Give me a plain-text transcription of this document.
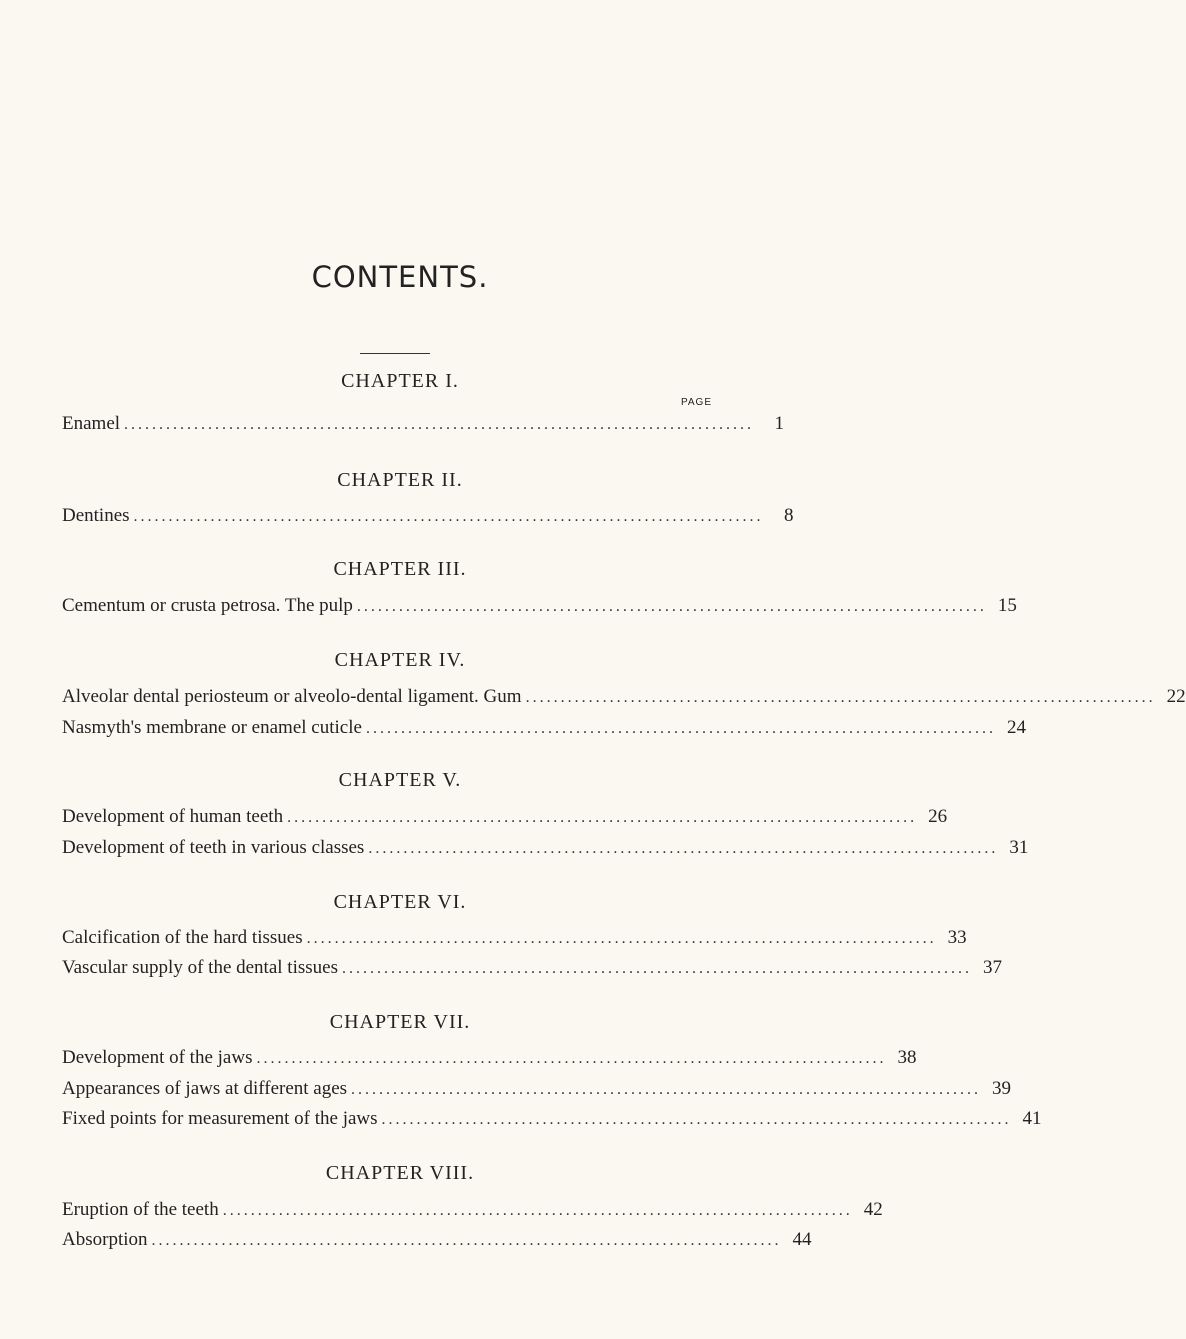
CONTENTS.
PAGE
CHAPTER I.
Enamel ..........................................................................................	1
CHAPTER II.
Dentines ..........................................................................................	8
CHAPTER III.
Cementum or crusta petrosa. The pulp .......................................................................................... 15
CHAPTER IV.
Alveolar dental periosteum or alveolo-dental ligament. Gum .......................................................................................... 22
Nasmyth's membrane or enamel cuticle .......................................................................................... 24
CHAPTER V.
Development of human teeth .......................................................................................... 26
Development of teeth in various classes .......................................................................................... 31
CHAPTER VI.
Calcification of the hard tissues .......................................................................................... 33
Vascular supply of the dental tissues .......................................................................................... 37
CHAPTER VII.
Development of the jaws .......................................................................................... 38
Appearances of jaws at different ages .......................................................................................... 39
Fixed points for measurement of the jaws .......................................................................................... 41
CHAPTER VIII.
Eruption of the teeth .......................................................................................... 42
Absorption .......................................................................................... 44
